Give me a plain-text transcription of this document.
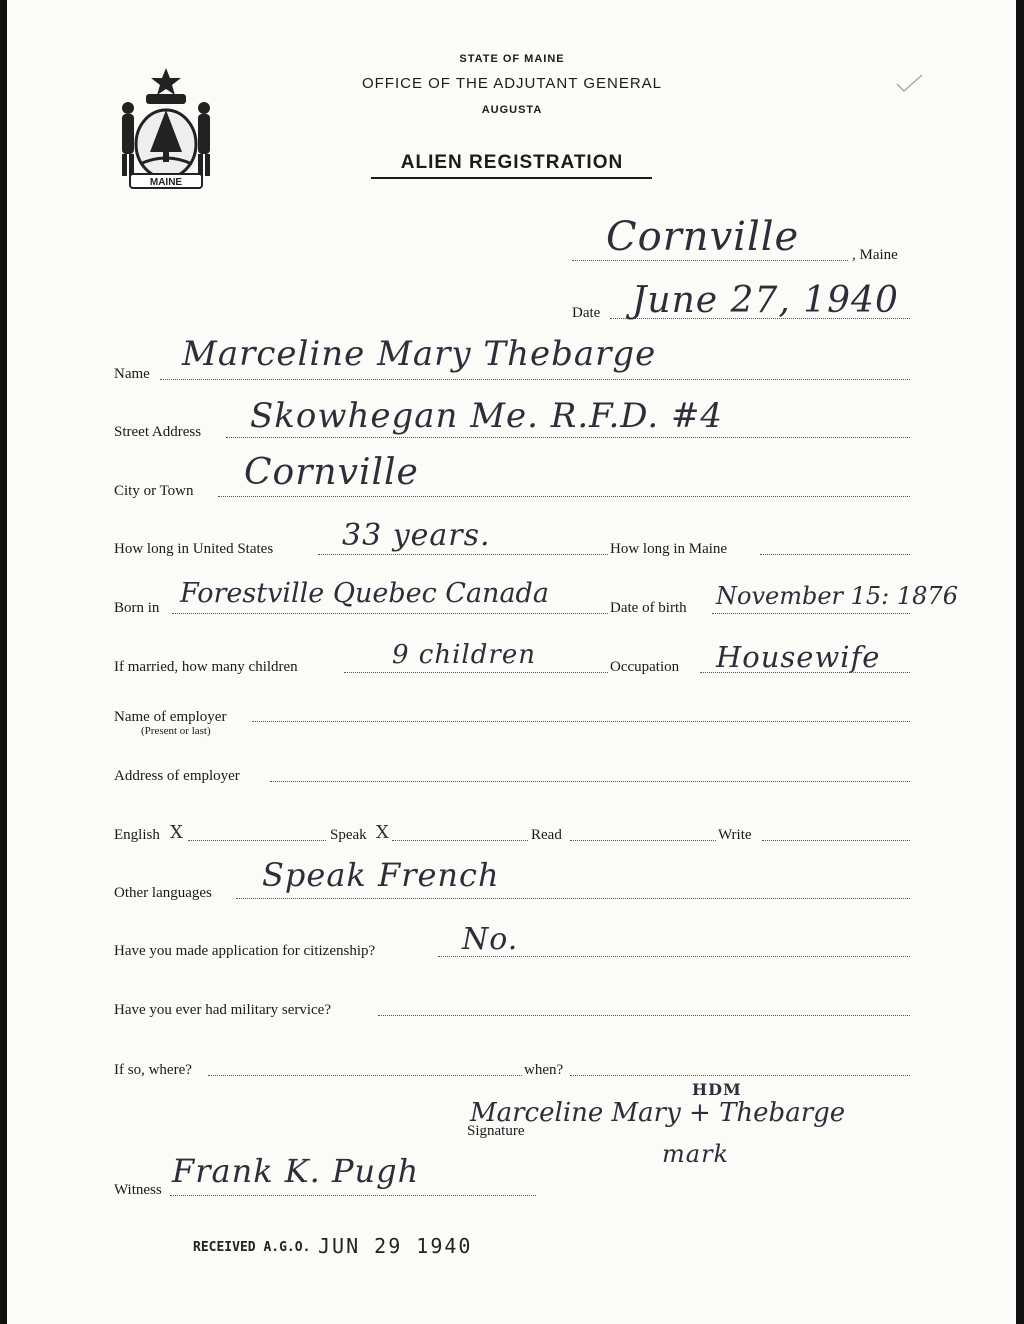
MAINE
STATE OF MAINE
OFFICE OF THE ADJUTANT GENERAL
AUGUSTA
ALIEN REGISTRATION
Cornville	, Maine
Date June 27, 1940
Name Marceline Mary Thebarge
Street Address Skowhegan Me. R.F.D. #4
City or Town Cornville
How long in United States 33 years.	How long in Maine
Born in Forestville Quebec Canada	Date of birth November 15: 1876
If married, how many children	9 children	Occupation Housewife
Name of employer
(Present or last)
Address of employer
English X	Speak X	Read	Write
Other languages Speak French
Have you made application for citizenship?	No.
Have you ever had military service?
If so, where?	when?
HDM
Signature
Marceline Mary + Thebarge
mark
Witness Frank K. Pugh
RECEIVED A.G.O. JUN 29 1940
